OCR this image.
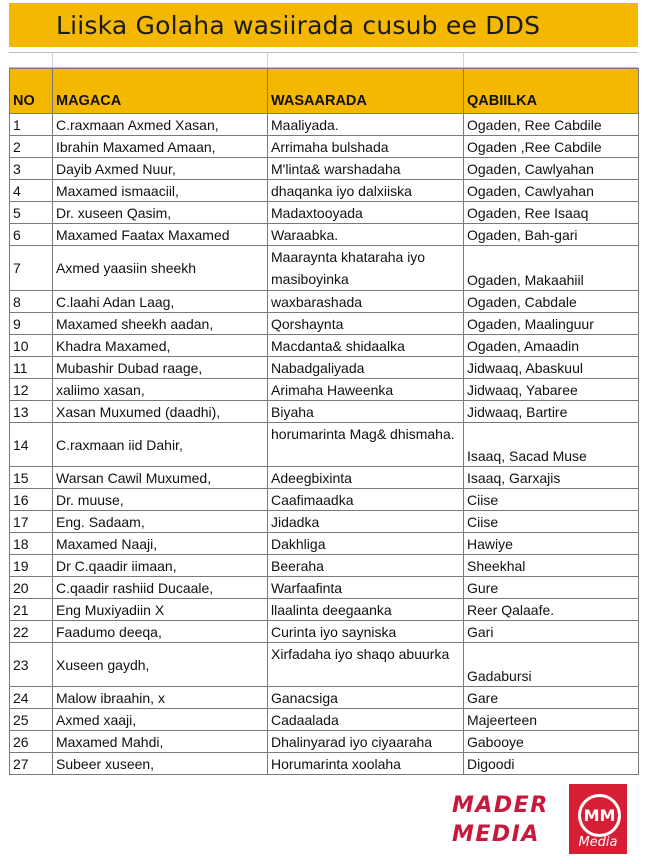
Liiska Golaha wasiirada cusub ee DDS
NO	MAGACA	WASAARADA	QABIILKA
1	C.raxmaan Axmed Xasan,	Maaliyada.	Ogaden, Ree Cabdile
2	Ibrahin Maxamed Amaan,	Arrimaha bulshada	Ogaden ,Ree Cabdile
3	Dayib Axmed Nuur,	M'linta& warshadaha	Ogaden, Cawlyahan
4	Maxamed ismaaciil,	dhaqanka iyo dalxiiska	Ogaden, Cawlyahan
5	Dr. xuseen Qasim,	Madaxtooyada	Ogaden, Ree Isaaq
6	Maxamed Faatax Maxamed	Waraabka.	Ogaden, Bah-gari
7	Axmed yaasiin sheekh	Maaraynta khataraha iyo masiboyinka	Ogaden, Makaahiil
8	C.laahi Adan Laag,	waxbarashada	Ogaden, Cabdale
9	Maxamed sheekh aadan,	Qorshaynta	Ogaden, Maalinguur
10	Khadra Maxamed,	Macdanta& shidaalka	Ogaden, Amaadin
11	Mubashir Dubad raage,	Nabadgaliyada	Jidwaaq, Abaskuul
12	xaliimo xasan,	Arimaha Haweenka	Jidwaaq, Yabaree
13	Xasan Muxumed (daadhi),	Biyaha	Jidwaaq, Bartire
14	C.raxmaan iid Dahir,	horumarinta Mag& dhismaha.	Isaaq, Sacad Muse
15	Warsan Cawil Muxumed,	Adeegbixinta	Isaaq, Garxajis
16	Dr. muuse,	Caafimaadka	Ciise
17	Eng. Sadaam,	Jidadka	Ciise
18	Maxamed Naaji,	Dakhliga	Hawiye
19	Dr C.qaadir iimaan,	Beeraha	Sheekhal
20	C.qaadir rashiid Ducaale,	Warfaafinta	Gure
21	Eng Muxiyadiin X	llaalinta deegaanka	Reer Qalaafe.
22	Faadumo deeqa,	Curinta iyo sayniska	Gari
23	Xuseen gaydh,	Xirfadaha iyo shaqo abuurka	Gadabursi
24	Malow ibraahin, x	Ganacsiga	Gare
25	Axmed xaaji,	Cadaalada	Majeerteen
26	Maxamed Mahdi,	Dhalinyarad iyo ciyaaraha	Gabooye
27	Subeer xuseen,	Horumarinta xoolaha	Digoodi
MADER
MEDIA
MM
Media
